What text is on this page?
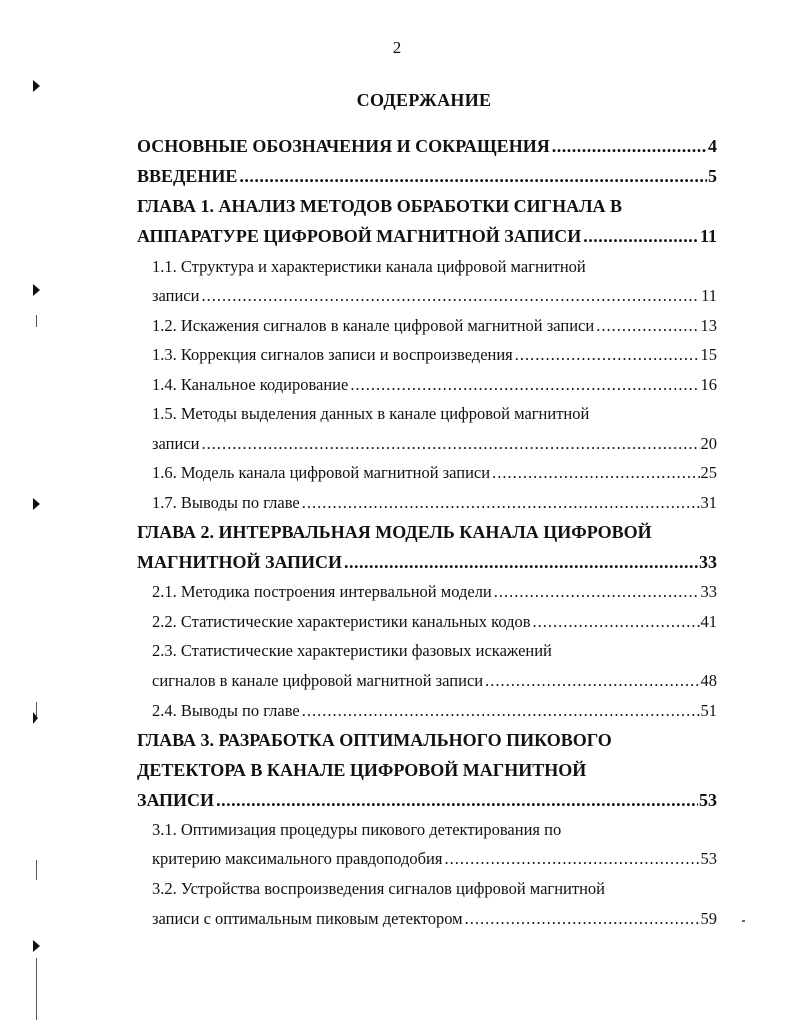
2
СОДЕРЖАНИЕ
ОСНОВНЫЕ ОБОЗНАЧЕНИЯ И СОКРАЩЕНИЯ .....	4
ВВЕДЕНИЕ .....	5
ГЛАВА 1. АНАЛИЗ МЕТОДОВ ОБРАБОТКИ СИГНАЛА В
АППАРАТУРЕ ЦИФРОВОЙ МАГНИТНОЙ ЗАПИСИ .....	11
1.1. Структура и характеристики канала цифровой магнитной
записи .....	11
1.2. Искажения сигналов в канале цифровой магнитной записи .....	13
1.3. Коррекция сигналов записи и воспроизведения .....	15
1.4. Канальное кодирование .....	16
1.5. Методы выделения данных в канале цифровой магнитной
записи .....	20
1.6. Модель канала цифровой магнитной записи .....	25
1.7. Выводы по главе .....	31
ГЛАВА 2. ИНТЕРВАЛЬНАЯ МОДЕЛЬ КАНАЛА ЦИФРОВОЙ
МАГНИТНОЙ ЗАПИСИ .....	33
2.1. Методика построения интервальной модели .....	33
2.2. Статистические характеристики канальных кодов .....	41
2.3. Статистические характеристики фазовых искажений
сигналов в канале цифровой магнитной записи .....	48
2.4. Выводы по главе .....	51
ГЛАВА 3. РАЗРАБОТКА ОПТИМАЛЬНОГО ПИКОВОГО
ДЕТЕКТОРА В КАНАЛЕ ЦИФРОВОЙ МАГНИТНОЙ
ЗАПИСИ .....	53
3.1. Оптимизация процедуры пикового детектирования по
критерию максимального правдоподобия .....	53
3.2. Устройства воспроизведения сигналов цифровой магнитной
записи с оптимальным пиковым детектором .....	59
